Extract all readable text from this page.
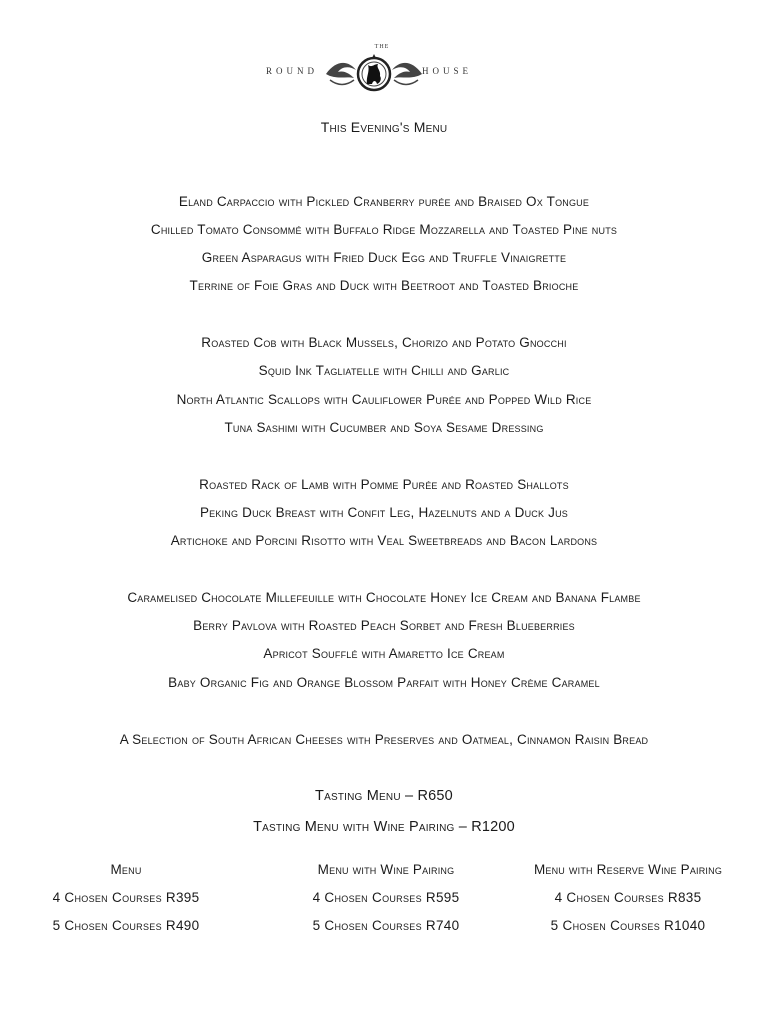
THE
ROUND	HOUSE
This Evening's Menu
Eland Carpaccio with Pickled Cranberry purée and Braised Ox Tongue
Chilled Tomato Consommé with Buffalo Ridge Mozzarella and Toasted Pine nuts
Green Asparagus with Fried Duck Egg and Truffle Vinaigrette
Terrine of Foie Gras and Duck with Beetroot and Toasted Brioche
Roasted Cob with Black Mussels, Chorizo and Potato Gnocchi
Squid Ink Tagliatelle with Chilli and Garlic
North Atlantic Scallops with Cauliflower Purée and Popped Wild Rice
Tuna Sashimi with Cucumber and Soya Sesame Dressing
Roasted Rack of Lamb with Pomme Purée and Roasted Shallots
Peking Duck Breast with Confit Leg, Hazelnuts and a Duck Jus
Artichoke and Porcini Risotto with Veal Sweetbreads and Bacon Lardons
Caramelised Chocolate Millefeuille with Chocolate Honey Ice Cream and Banana Flambe
Berry Pavlova with Roasted Peach Sorbet and Fresh Blueberries
Apricot Soufflé with Amaretto Ice Cream
Baby Organic Fig and Orange Blossom Parfait with Honey Crème Caramel
A Selection of South African Cheeses with Preserves and Oatmeal, Cinnamon Raisin Bread
Tasting Menu – R650
Tasting Menu with Wine Pairing – R1200
Menu
4 Chosen Courses R395
5 Chosen Courses R490
Menu with Wine Pairing
4 Chosen Courses R595
5 Chosen Courses R740
Menu with Reserve Wine Pairing
4 Chosen Courses R835
5 Chosen Courses R1040
